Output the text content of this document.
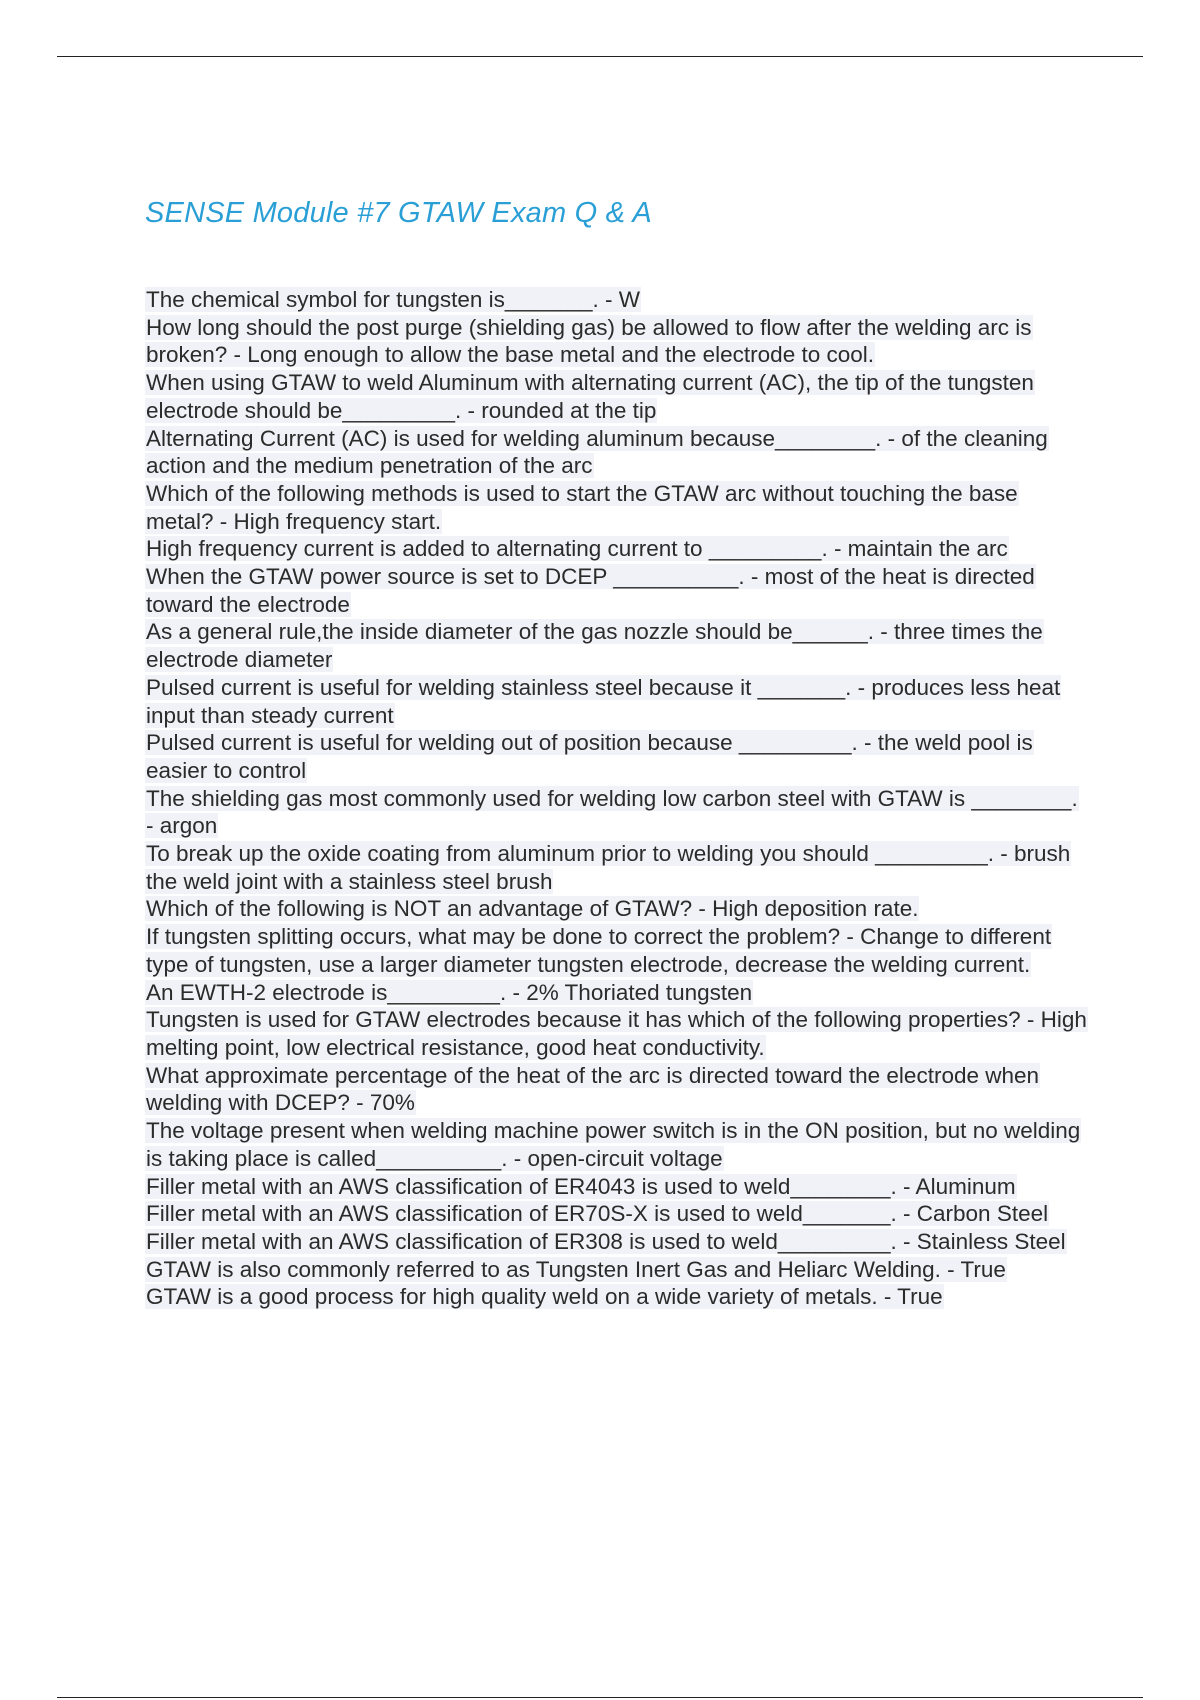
SENSE Module #7 GTAW Exam Q & A
The chemical symbol for tungsten is_______. - W
How long should the post purge (shielding gas) be allowed to flow after the welding arc is broken? - Long enough to allow the base metal and the electrode to cool.
When using GTAW to weld Aluminum with alternating current (AC), the tip of the tungsten electrode should be_________. - rounded at the tip
Alternating Current (AC) is used for welding aluminum because________. - of the cleaning action and the medium penetration of the arc
Which of the following methods is used to start the GTAW arc without touching the base metal? - High frequency start.
High frequency current is added to alternating current to _________. - maintain the arc
When the GTAW power source is set to DCEP __________. - most of the heat is directed toward the electrode
As a general rule,the inside diameter of the gas nozzle should be______. - three times the electrode diameter
Pulsed current is useful for welding stainless steel because it _______. - produces less heat input than steady current
Pulsed current is useful for welding out of position because _________. - the weld pool is easier to control
The shielding gas most commonly used for welding low carbon steel with GTAW is ________. - argon
To break up the oxide coating from aluminum prior to welding you should _________. - brush the weld joint with a stainless steel brush
Which of the following is NOT an advantage of GTAW? - High deposition rate.
If tungsten splitting occurs, what may be done to correct the problem? - Change to different type of tungsten, use a larger diameter tungsten electrode, decrease the welding current.
An EWTH-2 electrode is_________. - 2% Thoriated tungsten
Tungsten is used for GTAW electrodes because it has which of the following properties? - High melting point, low electrical resistance, good heat conductivity.
What approximate percentage of the heat of the arc is directed toward the electrode when welding with DCEP? - 70%
The voltage present when welding machine power switch is in the ON position, but no welding is taking place is called__________. - open-circuit voltage
Filler metal with an AWS classification of ER4043 is used to weld________. - Aluminum
Filler metal with an AWS classification of ER70S-X is used to weld_______. - Carbon Steel
Filler metal with an AWS classification of ER308 is used to weld_________. - Stainless Steel
GTAW is also commonly referred to as Tungsten Inert Gas and Heliarc Welding. - True
GTAW is a good process for high quality weld on a wide variety of metals. - True
